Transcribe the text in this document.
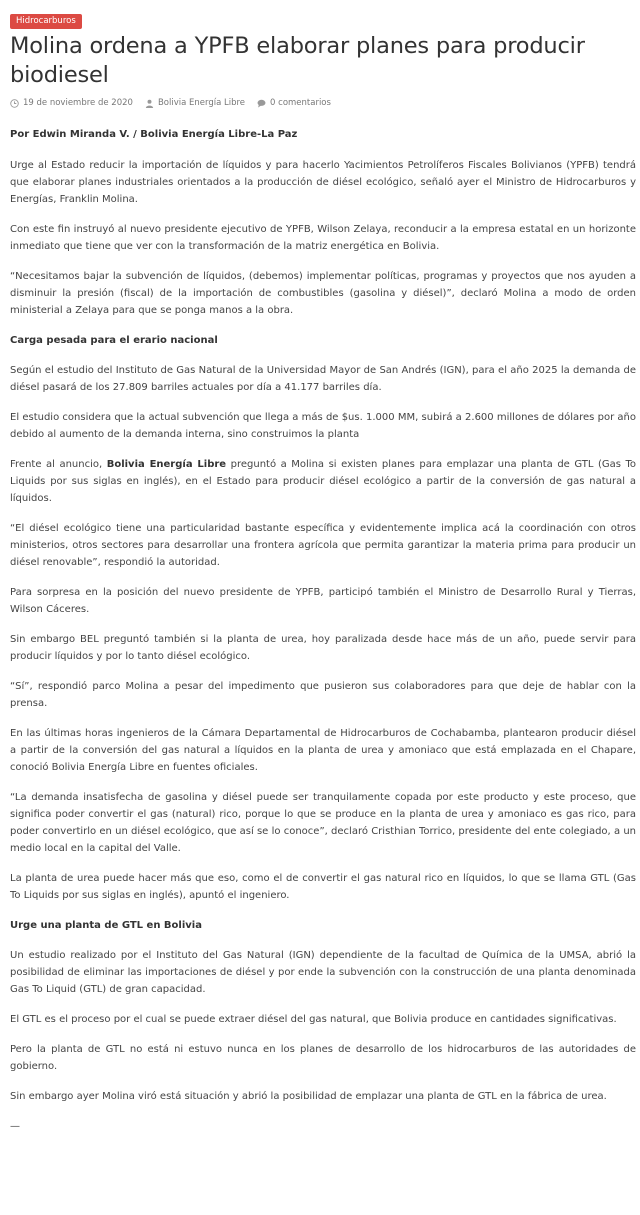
Hidrocarburos
Molina ordena a YPFB elaborar planes para producir biodiesel
19 de noviembre de 2020	Bolivia Energía Libre	0 comentarios

Por Edwin Miranda V. / Bolivia Energía Libre-La Paz

Urge al Estado reducir la importación de líquidos y para hacerlo Yacimientos Petrolíferos Fiscales Bolivianos (YPFB) tendrá que elaborar planes industriales orientados a la producción de diésel ecológico, señaló ayer el Ministro de Hidrocarburos y Energías, Franklin Molina.

Con este fin instruyó al nuevo presidente ejecutivo de YPFB, Wilson Zelaya, reconducir a la empresa estatal en un horizonte inmediato que tiene que ver con la transformación de la matriz energética en Bolivia.

“Necesitamos bajar la subvención de líquidos, (debemos) implementar políticas, programas y proyectos que nos ayuden a disminuir la presión (fiscal) de la importación de combustibles (gasolina y diésel)”, declaró Molina a modo de orden ministerial a Zelaya para que se ponga manos a la obra.

Carga pesada para el erario nacional

Según el estudio del Instituto de Gas Natural de la Universidad Mayor de San Andrés (IGN), para el año 2025 la demanda de diésel pasará de los 27.809 barriles actuales por día a 41.177 barriles día.

El estudio considera que la actual subvención que llega a más de $us. 1.000 MM, subirá a 2.600 millones de dólares por año debido al aumento de la demanda interna, sino construimos la planta

Frente al anuncio, Bolivia Energía Libre preguntó a Molina si existen planes para emplazar una planta de GTL (Gas To Liquids por sus siglas en inglés), en el Estado para producir diésel ecológico a partir de la conversión de gas natural a líquidos.

“El diésel ecológico tiene una particularidad bastante específica y evidentemente implica acá la coordinación con otros ministerios, otros sectores para desarrollar una frontera agrícola que permita garantizar la materia prima para producir un diésel renovable”, respondió la autoridad.

Para sorpresa en la posición del nuevo presidente de YPFB, participó también el Ministro de Desarrollo Rural y Tierras, Wilson Cáceres.

Sin embargo BEL preguntó también si la planta de urea, hoy paralizada desde hace más de un año, puede servir para producir líquidos y por lo tanto diésel ecológico.

“Sí”, respondió parco Molina a pesar del impedimento que pusieron sus colaboradores para que deje de hablar con la prensa.

En las últimas horas ingenieros de la Cámara Departamental de Hidrocarburos de Cochabamba, plantearon producir diésel a partir de la conversión del gas natural a líquidos en la planta de urea y amoniaco que está emplazada en el Chapare, conoció Bolivia Energía Libre en fuentes oficiales.

“La demanda insatisfecha de gasolina y diésel puede ser tranquilamente copada por este producto y este proceso, que significa poder convertir el gas (natural) rico, porque lo que se produce en la planta de urea y amoniaco es gas rico, para poder convertirlo en un diésel ecológico, que así se lo conoce”, declaró Cristhian Torrico, presidente del ente colegiado, a un medio local en la capital del Valle.

La planta de urea puede hacer más que eso, como el de convertir el gas natural rico en líquidos, lo que se llama GTL (Gas To Liquids por sus siglas en inglés), apuntó el ingeniero.

Urge una planta de GTL en Bolivia

Un estudio realizado por el Instituto del Gas Natural (IGN) dependiente de la facultad de Química de la UMSA, abrió la posibilidad de eliminar las importaciones de diésel y por ende la subvención con la construcción de una planta denominada Gas To Liquid (GTL) de gran capacidad.

El GTL es el proceso por el cual se puede extraer diésel del gas natural, que Bolivia produce en cantidades significativas.

Pero la planta de GTL no está ni estuvo nunca en los planes de desarrollo de los hidrocarburos de las autoridades de gobierno.

Sin embargo ayer Molina viró está situación y abrió la posibilidad de emplazar una planta de GTL en la fábrica de urea.

—
